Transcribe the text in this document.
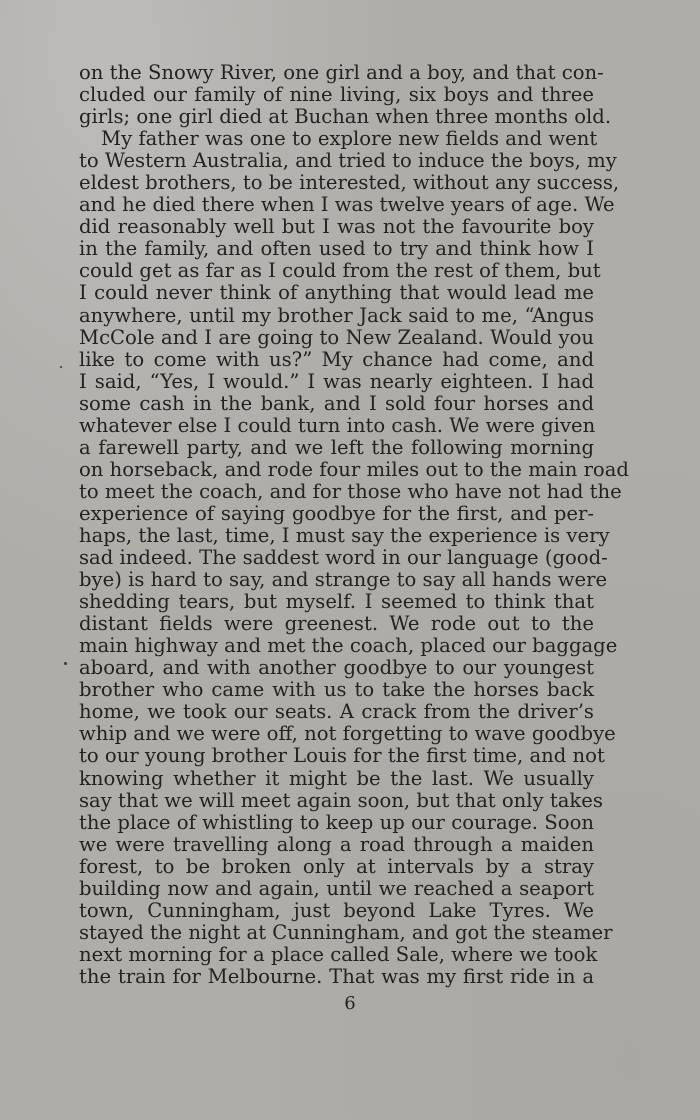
on the Snowy River, one girl and a boy, and that con-
cluded our family of nine living, six boys and three
girls; one girl died at Buchan when three months old.
My father was one to explore new fields and went
to Western Australia, and tried to induce the boys, my
eldest brothers, to be interested, without any success,
and he died there when I was twelve years of age. We
did reasonably well but I was not the favourite boy
in the family, and often used to try and think how I
could get as far as I could from the rest of them, but
I could never think of anything that would lead me
anywhere, until my brother Jack said to me, “Angus
McCole and I are going to New Zealand. Would you
like to come with us?” My chance had come, and
I said, “Yes, I would.” I was nearly eighteen. I had
some cash in the bank, and I sold four horses and
whatever else I could turn into cash. We were given
a farewell party, and we left the following morning
on horseback, and rode four miles out to the main road
to meet the coach, and for those who have not had the
experience of saying goodbye for the first, and per-
haps, the last, time, I must say the experience is very
sad indeed. The saddest word in our language (good-
bye) is hard to say, and strange to say all hands were
shedding tears, but myself. I seemed to think that
distant fields were greenest. We rode out to the
main highway and met the coach, placed our baggage
aboard, and with another goodbye to our youngest
brother who came with us to take the horses back
home, we took our seats. A crack from the driver’s
whip and we were off, not forgetting to wave goodbye
to our young brother Louis for the first time, and not
knowing whether it might be the last. We usually
say that we will meet again soon, but that only takes
the place of whistling to keep up our courage. Soon
we were travelling along a road through a maiden
forest, to be broken only at intervals by a stray
building now and again, until we reached a seaport
town, Cunningham, just beyond Lake Tyres. We
stayed the night at Cunningham, and got the steamer
next morning for a place called Sale, where we took
the train for Melbourne. That was my first ride in a
6
